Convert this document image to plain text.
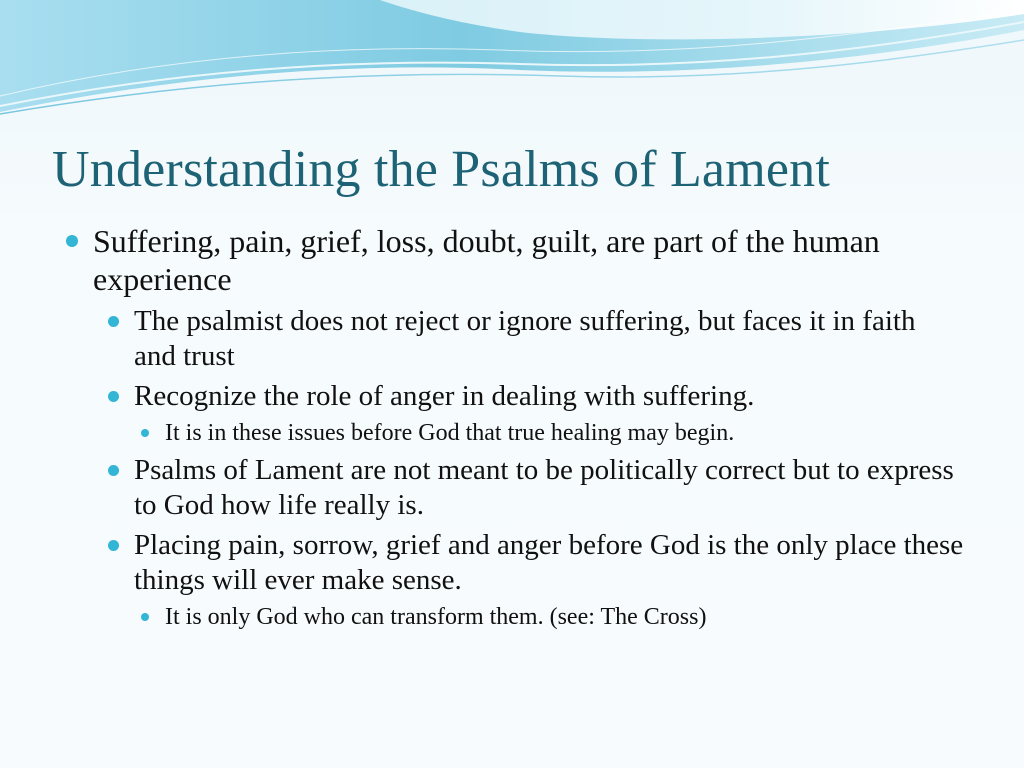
Understanding the Psalms of Lament
Suffering, pain, grief, loss, doubt, guilt, are part of the human experience
The psalmist does not reject or ignore suffering, but faces it in faith and trust
Recognize the role of anger in dealing with suffering.
It is in these issues before God that true healing may begin.
Psalms of Lament are not meant to be politically correct but to express to God how life really is.
Placing pain, sorrow, grief and anger before God is the only place these things will ever make sense.
It is only God who can transform them. (see: The Cross)
